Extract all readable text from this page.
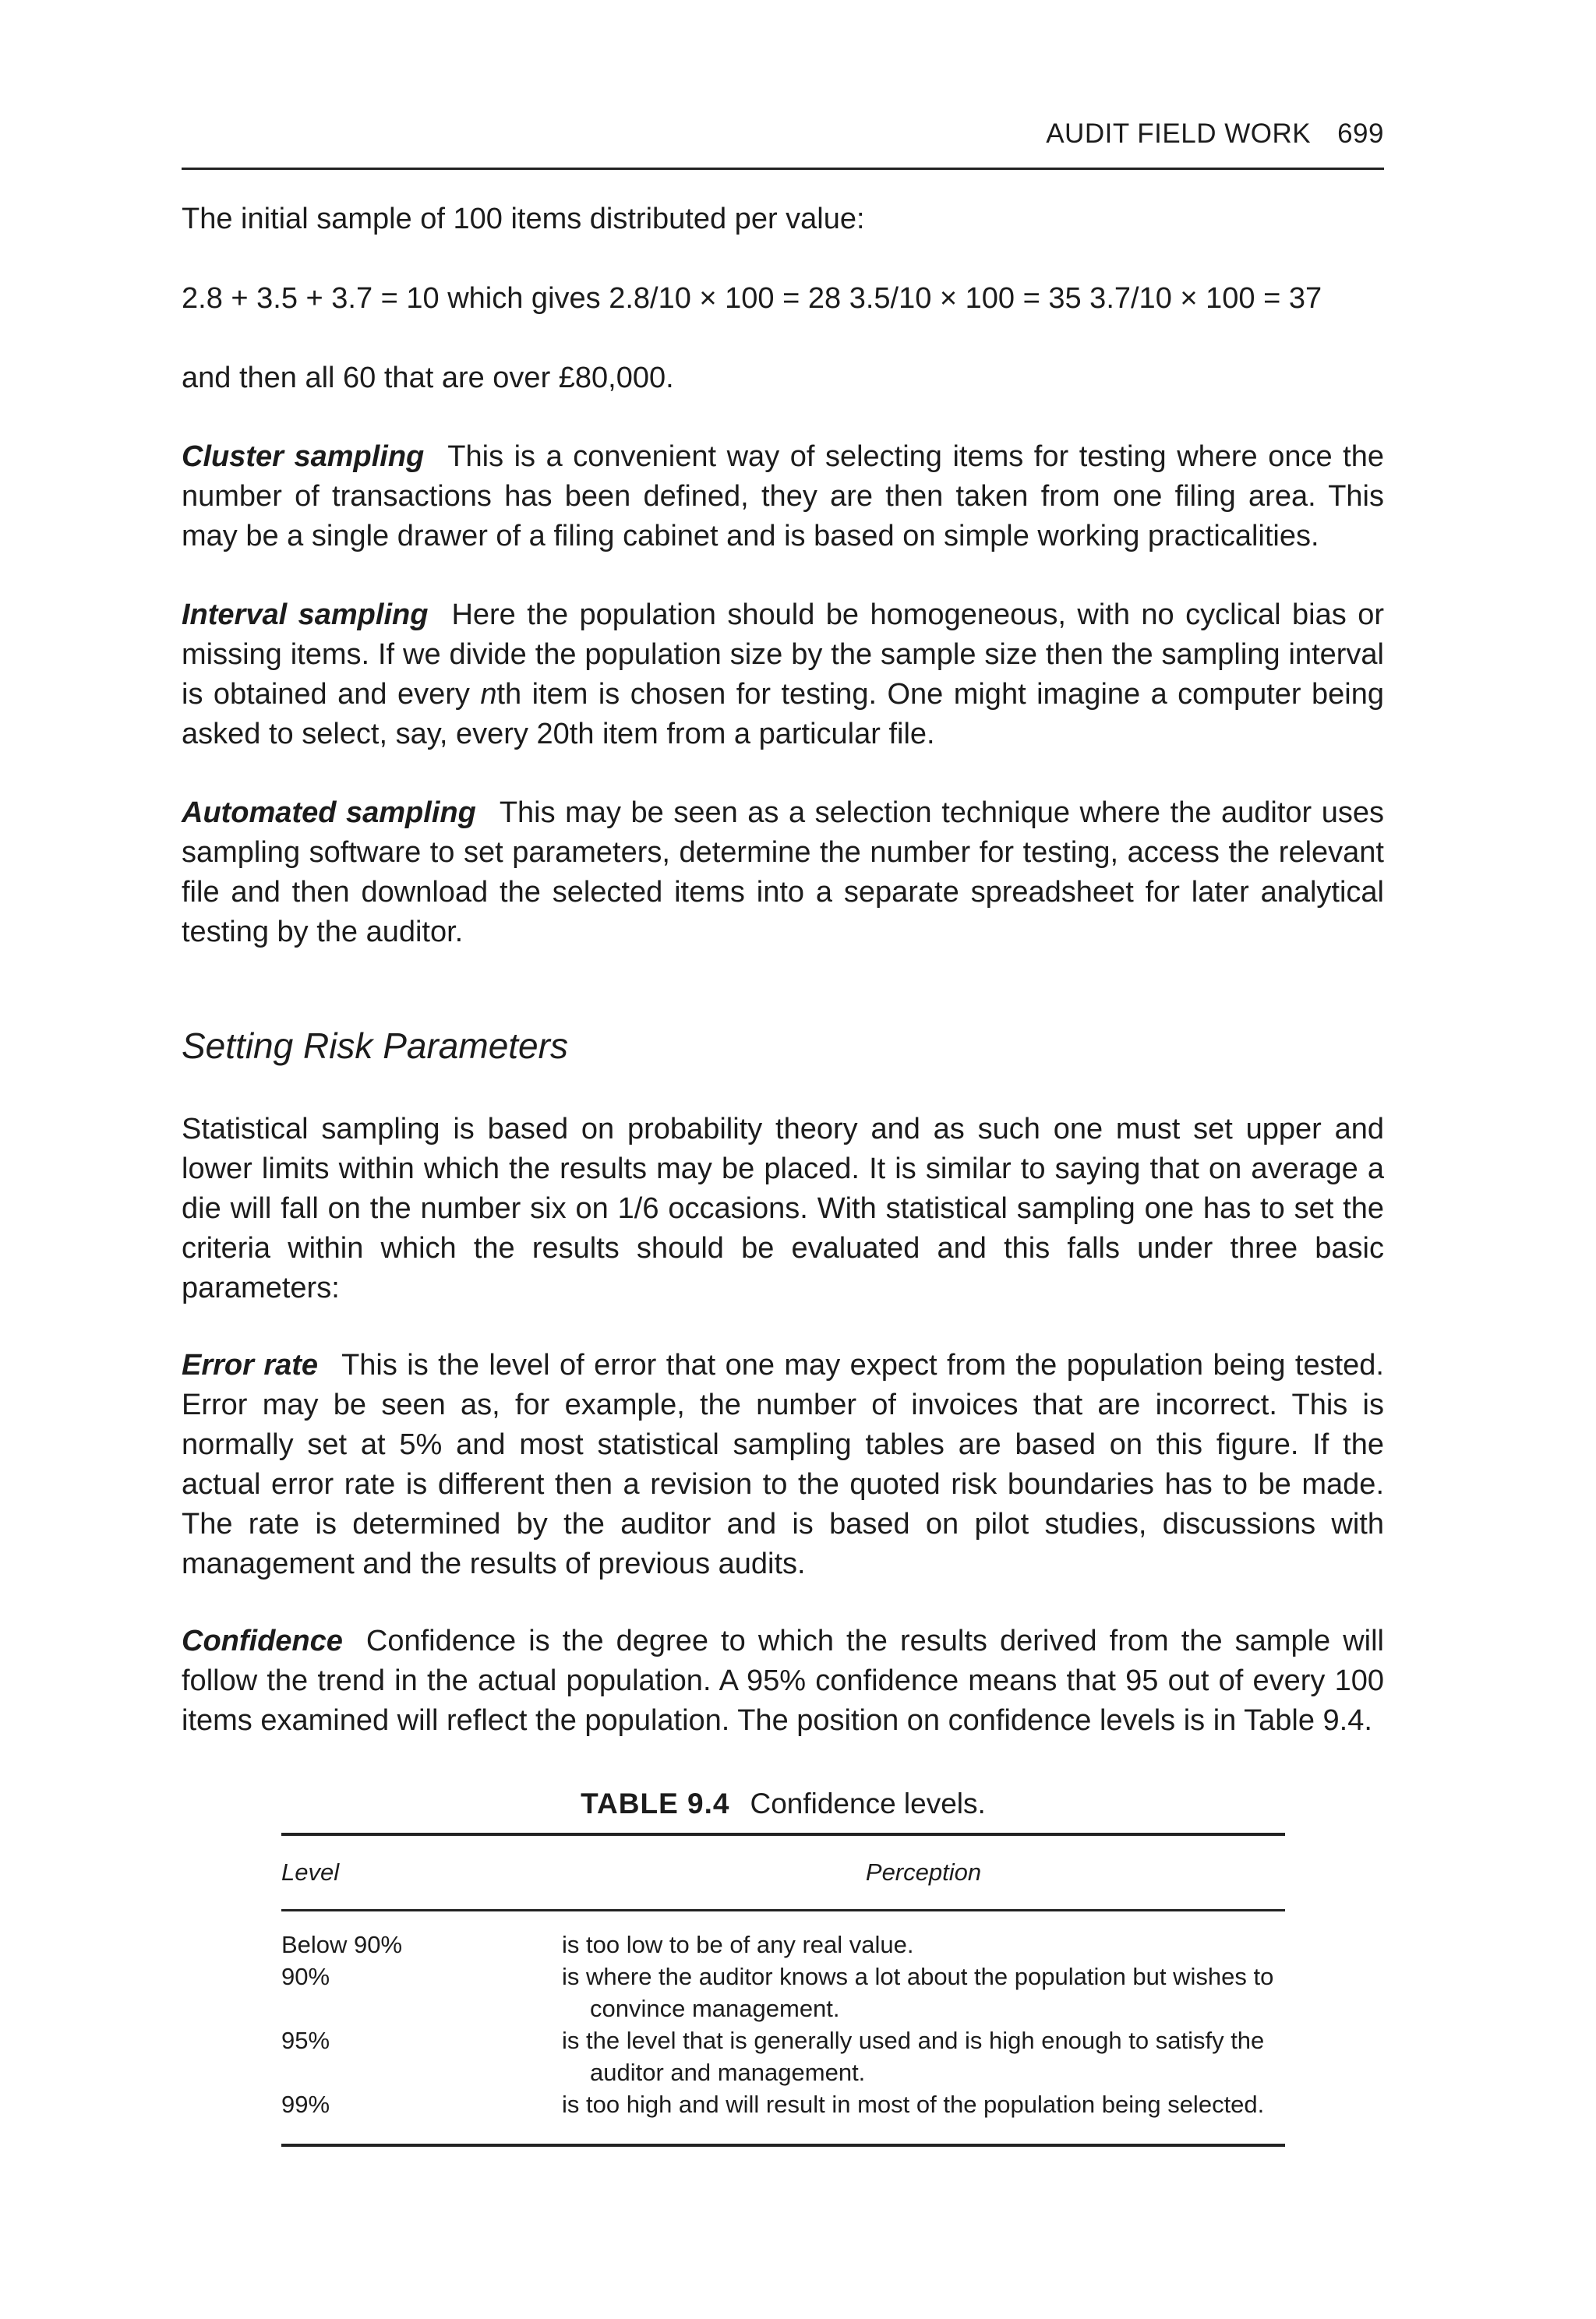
AUDIT FIELD WORK 699

The initial sample of 100 items distributed per value:

2.8 + 3.5 + 3.7 = 10 which gives 2.8/10 × 100 = 28 3.5/10 × 100 = 35 3.7/10 × 100 = 37

and then all 60 that are over £80,000.

Cluster sampling This is a convenient way of selecting items for testing where once the number of transactions has been defined, they are then taken from one filing area. This may be a single drawer of a filing cabinet and is based on simple working practicalities.

Interval sampling Here the population should be homogeneous, with no cyclical bias or missing items. If we divide the population size by the sample size then the sampling interval is obtained and every nth item is chosen for testing. One might imagine a computer being asked to select, say, every 20th item from a particular file.

Automated sampling This may be seen as a selection technique where the auditor uses sampling software to set parameters, determine the number for testing, access the relevant file and then download the selected items into a separate spreadsheet for later analytical testing by the auditor.

Setting Risk Parameters

Statistical sampling is based on probability theory and as such one must set upper and lower limits within which the results may be placed. It is similar to saying that on average a die will fall on the number six on 1/6 occasions. With statistical sampling one has to set the criteria within which the results should be evaluated and this falls under three basic parameters:

Error rate This is the level of error that one may expect from the population being tested. Error may be seen as, for example, the number of invoices that are incorrect. This is normally set at 5% and most statistical sampling tables are based on this figure. If the actual error rate is different then a revision to the quoted risk boundaries has to be made. The rate is determined by the auditor and is based on pilot studies, discussions with management and the results of previous audits.

Confidence Confidence is the degree to which the results derived from the sample will follow the trend in the actual population. A 95% confidence means that 95 out of every 100 items examined will reflect the population. The position on confidence levels is in Table 9.4.

TABLE 9.4 Confidence levels.
Level	Perception
Below 90%	is too low to be of any real value.
90%	is where the auditor knows a lot about the population but wishes to convince management.
95%	is the level that is generally used and is high enough to satisfy the auditor and management.
99%	is too high and will result in most of the population being selected.
